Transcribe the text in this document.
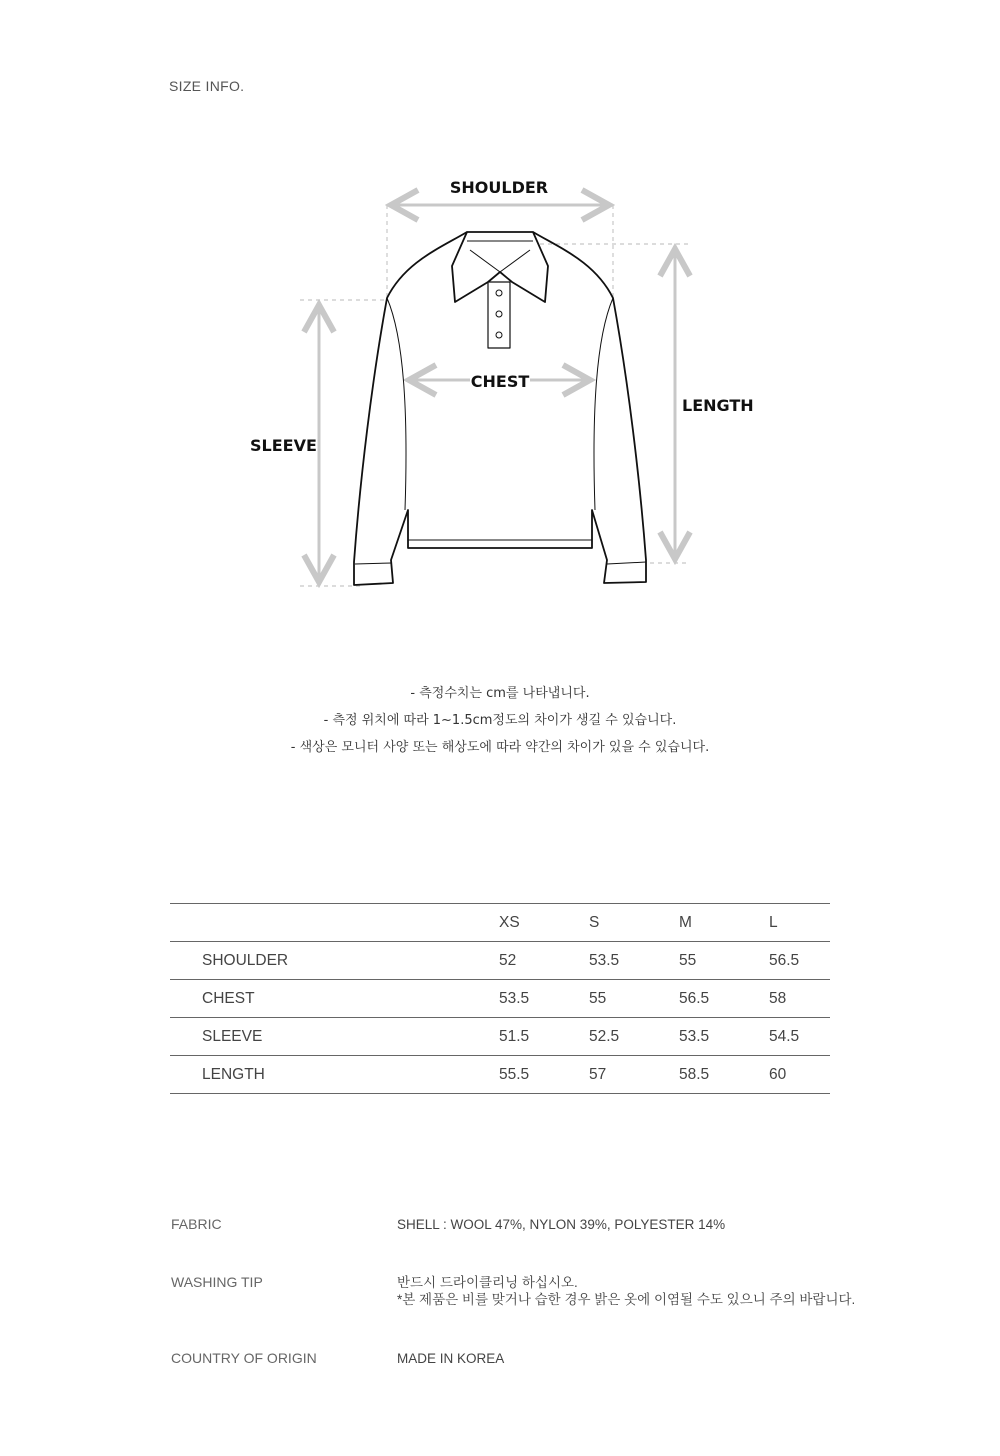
SIZE INFO.
SHOULDER
CHEST
LENGTH
SLEEVE
- 측정수치는 cm를 나타냅니다.
- 측정 위치에 따라 1~1.5cm정도의 차이가 생길 수 있습니다.
- 색상은 모니터 사양 또는 해상도에 따라 약간의 차이가 있을 수 있습니다.
	XS	S	M	L
SHOULDER	52	53.5	55	56.5
CHEST	53.5	55	56.5	58
SLEEVE	51.5	52.5	53.5	54.5
LENGTH	55.5	57	58.5	60
FABRIC	SHELL : WOOL 47%, NYLON 39%, POLYESTER 14%
WASHING TIP	반드시 드라이클리닝 하십시오.
*본 제품은 비를 맞거나 습한 경우 밝은 옷에 이염될 수도 있으니 주의 바랍니다.
COUNTRY OF ORIGIN	MADE IN KOREA
